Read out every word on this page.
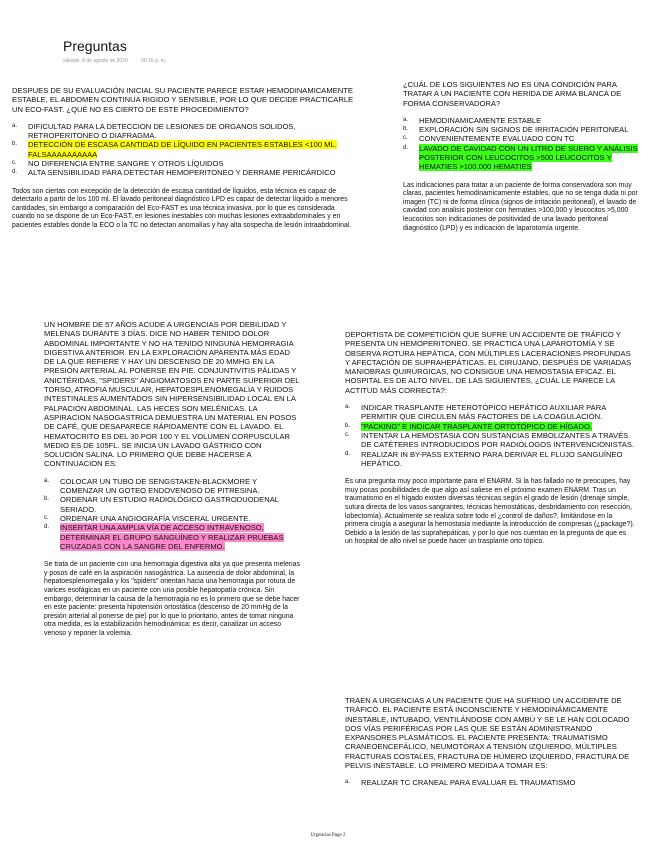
Preguntas
sábado, 8 de agosto de 2020	06:15 p. m.
DESPUES DE SU EVALUACIÓN INICIAL SU PACIENTE PARECE ESTAR HEMODINAMICAMENTE ESTABLE, EL ABDOMEN CONTINUA RIGIDO Y SENSIBLE, POR LO QUE DECIDE PRACTICARLE UN ECO-FAST. ¿QUÉ NO ES CIERTO DE ESTE PROCEDIMIENTO?
a. DIFICULTAD PARA LA DETECCION DE LESIONES DE ORGANOS SOLIDOS, RETROPERITONEO O DIAFRAGMA.
b. DETECCIÓN DE ESCASA CANTIDAD DE LÍQUIDO EN PACIENTES ESTABLES <100 ML. FALSAAAAAAAAAA
c. NO DIFERENCIA ENTRE SANGRE Y OTROS LÍQUIDOS
d. ALTA SENSIBILIDAD PARA DETECTAR HEMOPERITONEO Y DERRAME PERICÁRDICO
Todos son ciertas con excepción de la detección de escasa cantidad de líquidos, esta técnica es capaz de detectarlo a partir de los 100 ml. El lavado peritoneal diagnóstico LPD es capaz de detectar líquido a menores cantidades, sin embargo a comparación del Eco-FAST es una técnica invasiva, por lo que es considerada cuando no se dispone de un Eco-FAST, en lesiones inestables con muchas lesiones extraabdominales y en pacientes estables donde la ECO o la TC no detectan anomalías y hay alta sospecha de lesión intraabdominal.
¿CUÁL DE LOS SIGUIENTES NO ES UNA CONDICIÓN PARA TRATAR A UN PACIENTE CON HERIDA DE ARMA BLANCA DE FORMA CONSERVADORA?
a. HEMODINAMICAMENTE ESTABLE
b. EXPLORACIÓN SIN SIGNOS DE IRRITACIÓN PERITONEAL
c. CONVENIENTEMENTE EVALUADO CON TC
d. LAVADO DE CAVIDAD CON UN LITRO DE SUERO Y ANÁLISIS POSTERIOR CON LEUCOCITOS >500 LEUCOCITOS Y HEMATIES >100.000 HEMATIES
Las indicaciones para tratar a un paciente de forma conservadora son muy claras, pacientes hemodinamicamente estables, que no se tenga duda ni por imagen (TC) ni de forma clínica (signos de irritación peritoneal), el lavado de cavidad con analisis posterior con hematies >100,000 y leucocitos >5,000 leucocitos son indicaciones de positividad de una lavado peritoneal diagnóstico (LPD) y es indicación de laparotomía urgente.
UN HOMBRE DE 57 AÑOS ACUDE A URGENCIAS POR DEBILIDAD Y MELENAS DURANTE 3 DÍAS. DICE NO HABER TENIDO DOLOR ABDOMINAL IMPORTANTE Y NO HA TENIDO NINGUNA HEMORRAGIA DIGESTIVA ANTERIOR. EN LA EXPLORACIÓN APARENTA MÁS EDAD DE LA QUE REFIERE Y HAY UN DESCENSO DE 20 MMHG EN LA PRESIÓN ARTERIAL AL PONERSE EN PIE. CONJUNTIVITIS PÁLIDAS Y ANICTÉRIDAS, "SPIDERS" ANGIOMATOSOS EN PARTE SUPERIOR DEL TORSO, ATROFIA MUSCULAR, HEPATOESPLENOMEGALIA Y RUIDOS INTESTINALES AUMENTADOS SIN HIPERSENSIBILIDAD LOCAL EN LA PALPACIÓN ABDOMINAL. LAS HECES SON MELÉNICAS. LA ASPIRACION NASOGASTRICA DEMUESTRA UN MATERIAL EN POSOS DE CAFÉ, QUE DESAPARECE RÁPIDAMENTE CON EL LAVADO. EL HEMATOCRITO ES DEL 30 POR 100 Y EL VOLUMEN CORPUSCULAR MEDIO ES DE 105FL. SE INICIA UN LAVADO GÁSTRICO CON SOLUCIÓN SALINA. LO PRIMERO QUE DEBE HACERSE A CONTINUACION ES:
a. COLOCAR UN TUBO DE SENGSTAKEN-BLACKMORE Y COMENZAR UN GOTEO ENDOVENOSO DE PITRESINA.
b. ORDENAR UN ESTUDIO RADIOLÓGICO GASTRODUODENAL SERIADO.
c. ORDENAR UNA ANGIOGRAFÍA VISCERAL URGENTE.
d. INSERTAR UNA AMPLIA VÍA DE ACCESO INTRAVENOSO, DETERMINAR EL GRUPO SANGUÍNEO Y REALIZAR PRUEBAS CRUZADAS CON LA SANGRE DEL ENFERMO.
Se trata de un paciente con una hemorragia digestiva alta ya que presenta melenas y posos de café en la aspiración nasogástrica. La ausencia de dolor abdominal, la hepatoesplenomegalia y los "spiders" orientan hacia una hemorragia por rotura de varices esofágicas en un paciente con una posible hepatopatía crónica. Sin embargo, determinar la causa de la hemorragia no es lo primero que se debe hacer en este paciente: presenta hipotensión ortostática (descenso de 20 mmHg de la presión arterial al ponerse de pie) por lo que lo prioritario, antes de tomar ninguna otra medida, es la estabilización hemodinámica: es decir, canalizar un acceso venoso y reponer la volemia.
DEPORTISTA DE COMPETICIÓN QUE SUFRE UN ACCIDENTE DE TRÁFICO Y PRESENTA UN HEMOPERITONEO. SE PRACTICA UNA LAPAROTOMÍA Y SE OBSERVA ROTURA HEPÁTICA, CON MÚLTIPLES LACERACIONES PROFUNDAS Y AFECTACIÓN DE SUPRAHEPÁTICAS. EL CIRUJANO, DESPUÉS DE VARIADAS MANIOBRAS QUIRÚRGICAS, NO CONSIGUE UNA HEMOSTASIA EFICAZ. EL HOSPITAL ES DE ALTO NIVEL. DE LAS SIGUIENTES, ¿CUÁL LE PARECE LA ACTITUD MÁS CORRECTA?:
a. INDICAR TRASPLANTE HETEROTÓPICO HEPÁTICO AUXILIAR PARA PERMITIR QUE CIRCULEN MÁS FACTORES DE LA COAGULACIÓN.
b. "PACKING" E INDICAR TRASPLANTE ORTOTÓPICO DE HÍGADO.
c. INTENTAR LA HEMOSTASIA CON SUSTANCIAS EMBOLIZANTES A TRAVÉS DE CATÉTERES INTRODUCIDOS POR RADIÓLOGOS INTERVENCIONISTAS.
d. REALIZAR IN BY-PASS EXTERNO PARA DERIVAR EL FLUJO SANGUÍNEO HEPÁTICO.
Es una pregunta muy poco importante para el ENARM. Si la has fallado no te preocupes, hay muy pocas posibilidades de que algo así saliese en el próximo examen ENARM. Tras un traumatismo en el hígado existen diversas técnicas según el grado de lesión (drenaje simple, sutura directa de los vasos sangrantes, técnicas hemostáticas, desbridamiento con resección, lobectomía). Actualmente se realiza sobre todo el ¿control de daños?, limitándose en la primera cirugía a asegurar la hemostasia mediante la introducción de compresas (¿package?). Debido a la lesión de las suprahepáticas, y por lo que nos cuentan en la pregunta de que es un hospital de alto nivel se puede hacer un trasplante orto tópico.
TRAEN A URGENCIAS A UN PACIENTE QUE HA SUFRIDO UN ACCIDENTE DE TRÁFICO. EL PACIENTE ESTÁ INCONSCIENTE Y HEMODINÁMICAMENTE INESTABLE, INTUBADO, VENTILÁNDOSE CON AMBÚ Y SE LE HAN COLOCADO DOS VÍAS PERIFÉRICAS POR LAS QUE SE ESTÁN ADMINISTRANDO EXPANSORES PLASMÁTICOS. EL PACIENTE PRESENTA: TRAUMATISMO CRANEOENCEFÁLICO, NEUMOTÓRAX A TENSIÓN IZQUIERDO, MÚLTIPLES FRACTURAS COSTALES, FRACTURA DE HÚMERO IZQUIERDO, FRACTURA DE PELVIS INESTABLE. LO PRIMERO MEDIDA A TOMAR ES:
a. REALIZAR TC CRANEAL PARA EVALUAR EL TRAUMATISMO
Urgencias Page 2
